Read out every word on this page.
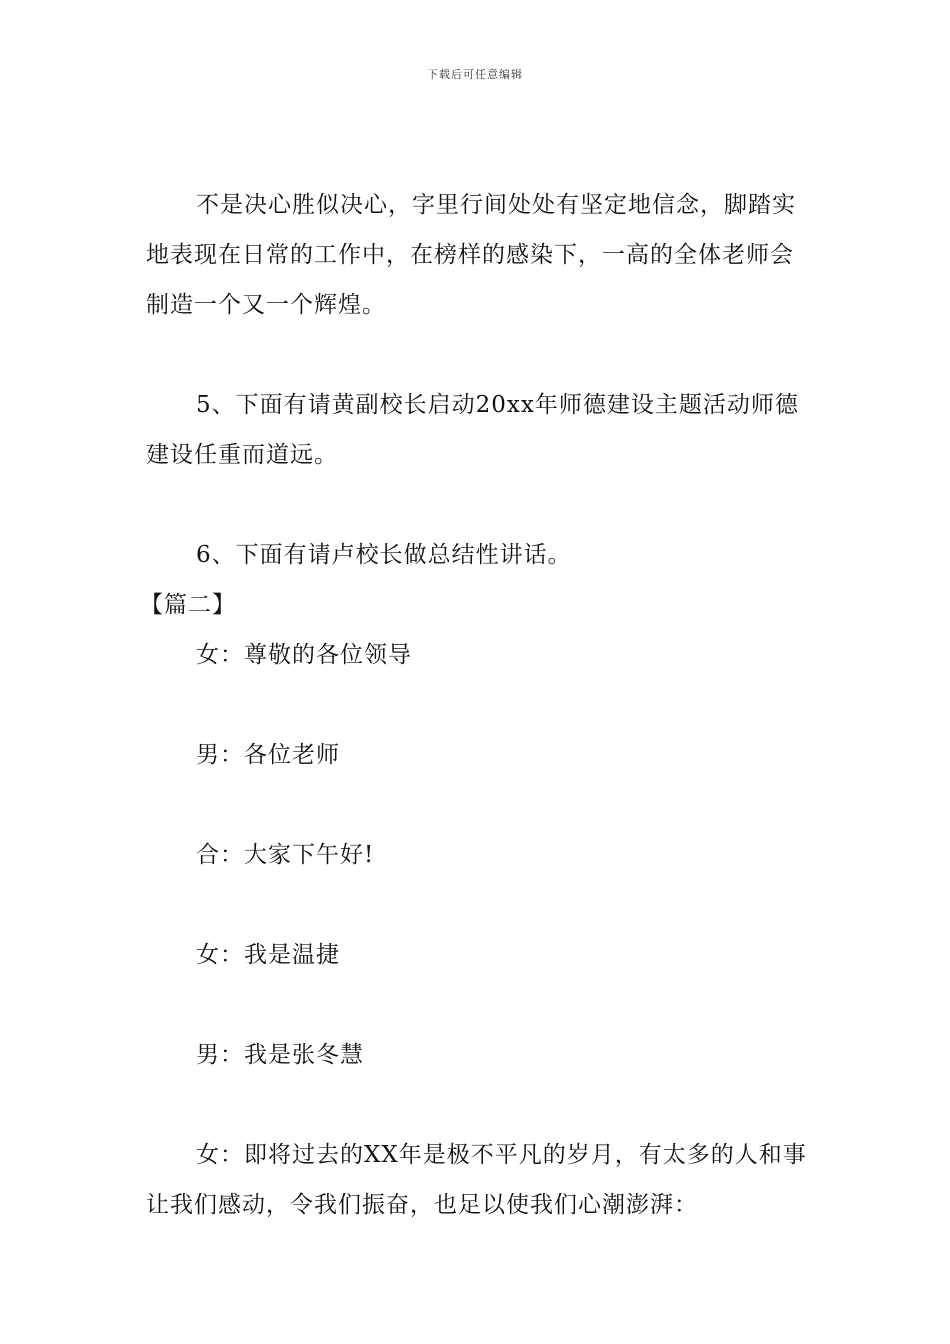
下载后可任意编辑

不是决心胜似决心，字里行间处处有坚定地信念，脚踏实地表现在日常的工作中，在榜样的感染下，一高的全体老师会制造一个又一个辉煌。

5、下面有请黄副校长启动20xx年师德建设主题活动师德建设任重而道远。

6、下面有请卢校长做总结性讲话。

【篇二】

女：尊敬的各位领导

男：各位老师

合：大家下午好!

女：我是温捷

男：我是张冬慧

女：即将过去的XX年是极不平凡的岁月，有太多的人和事让我们感动，令我们振奋，也足以使我们心潮澎湃：
